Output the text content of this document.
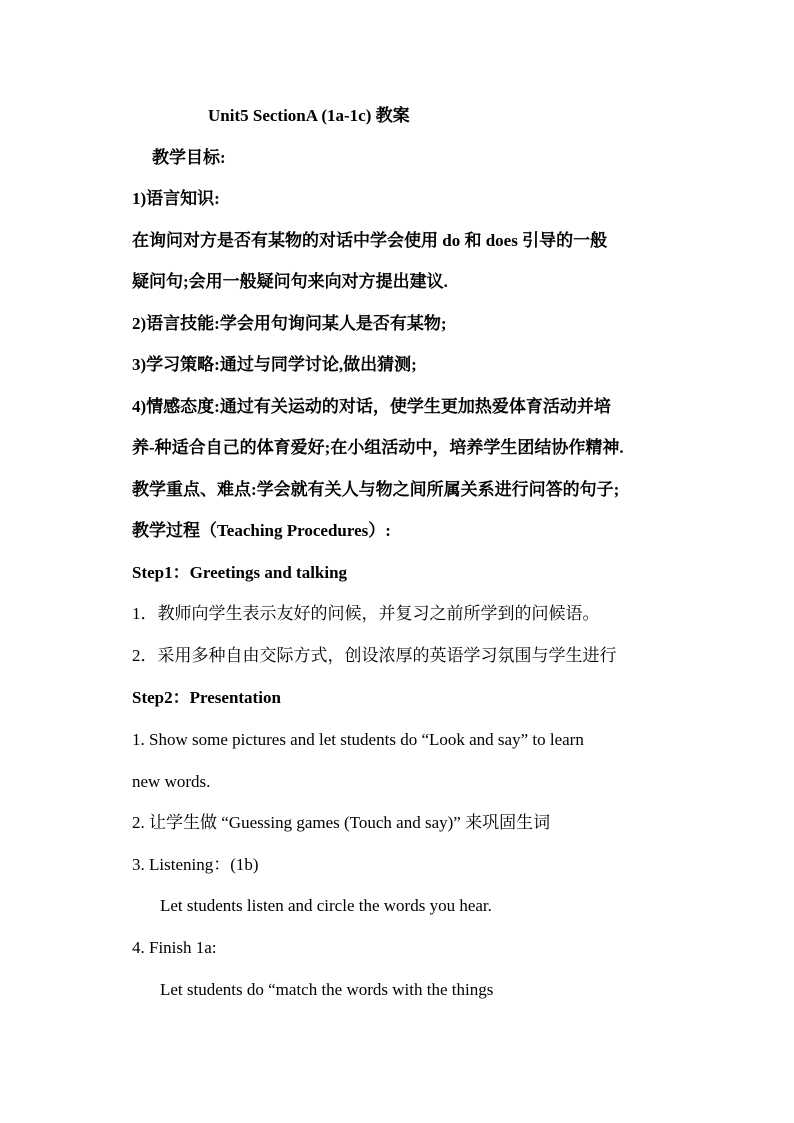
Unit5 SectionA (1a-1c) 教案
教学目标:
1)语言知识:
在询问对方是否有某物的对话中学会使用 do 和 does 引导的一般
疑问句;会用一般疑问句来向对方提出建议.
2)语言技能:学会用句询问某人是否有某物;
3)学习策略:通过与同学讨论,做出猜测;
4)情感态度:通过有关运动的对话，使学生更加热爱体育活动并培
养-种适合自己的体育爱好;在小组活动中，培养学生团结协作精神.
教学重点、难点:学会就有关人与物之间所属关系进行问答的句子;
教学过程（Teaching Procedures）:
Step1：Greetings and talking
1．教师向学生表示友好的问候，并复习之前所学到的问候语。
2．采用多种自由交际方式，创设浓厚的英语学习氛围与学生进行
Step2：Presentation
1. Show some pictures and let students do “Look and say” to learn
new words.
2. 让学生做 “Guessing games (Touch and say)” 来巩固生词
3. Listening：(1b)
Let students listen and circle the words you hear.
4. Finish 1a:
Let students do “match the words with the things
